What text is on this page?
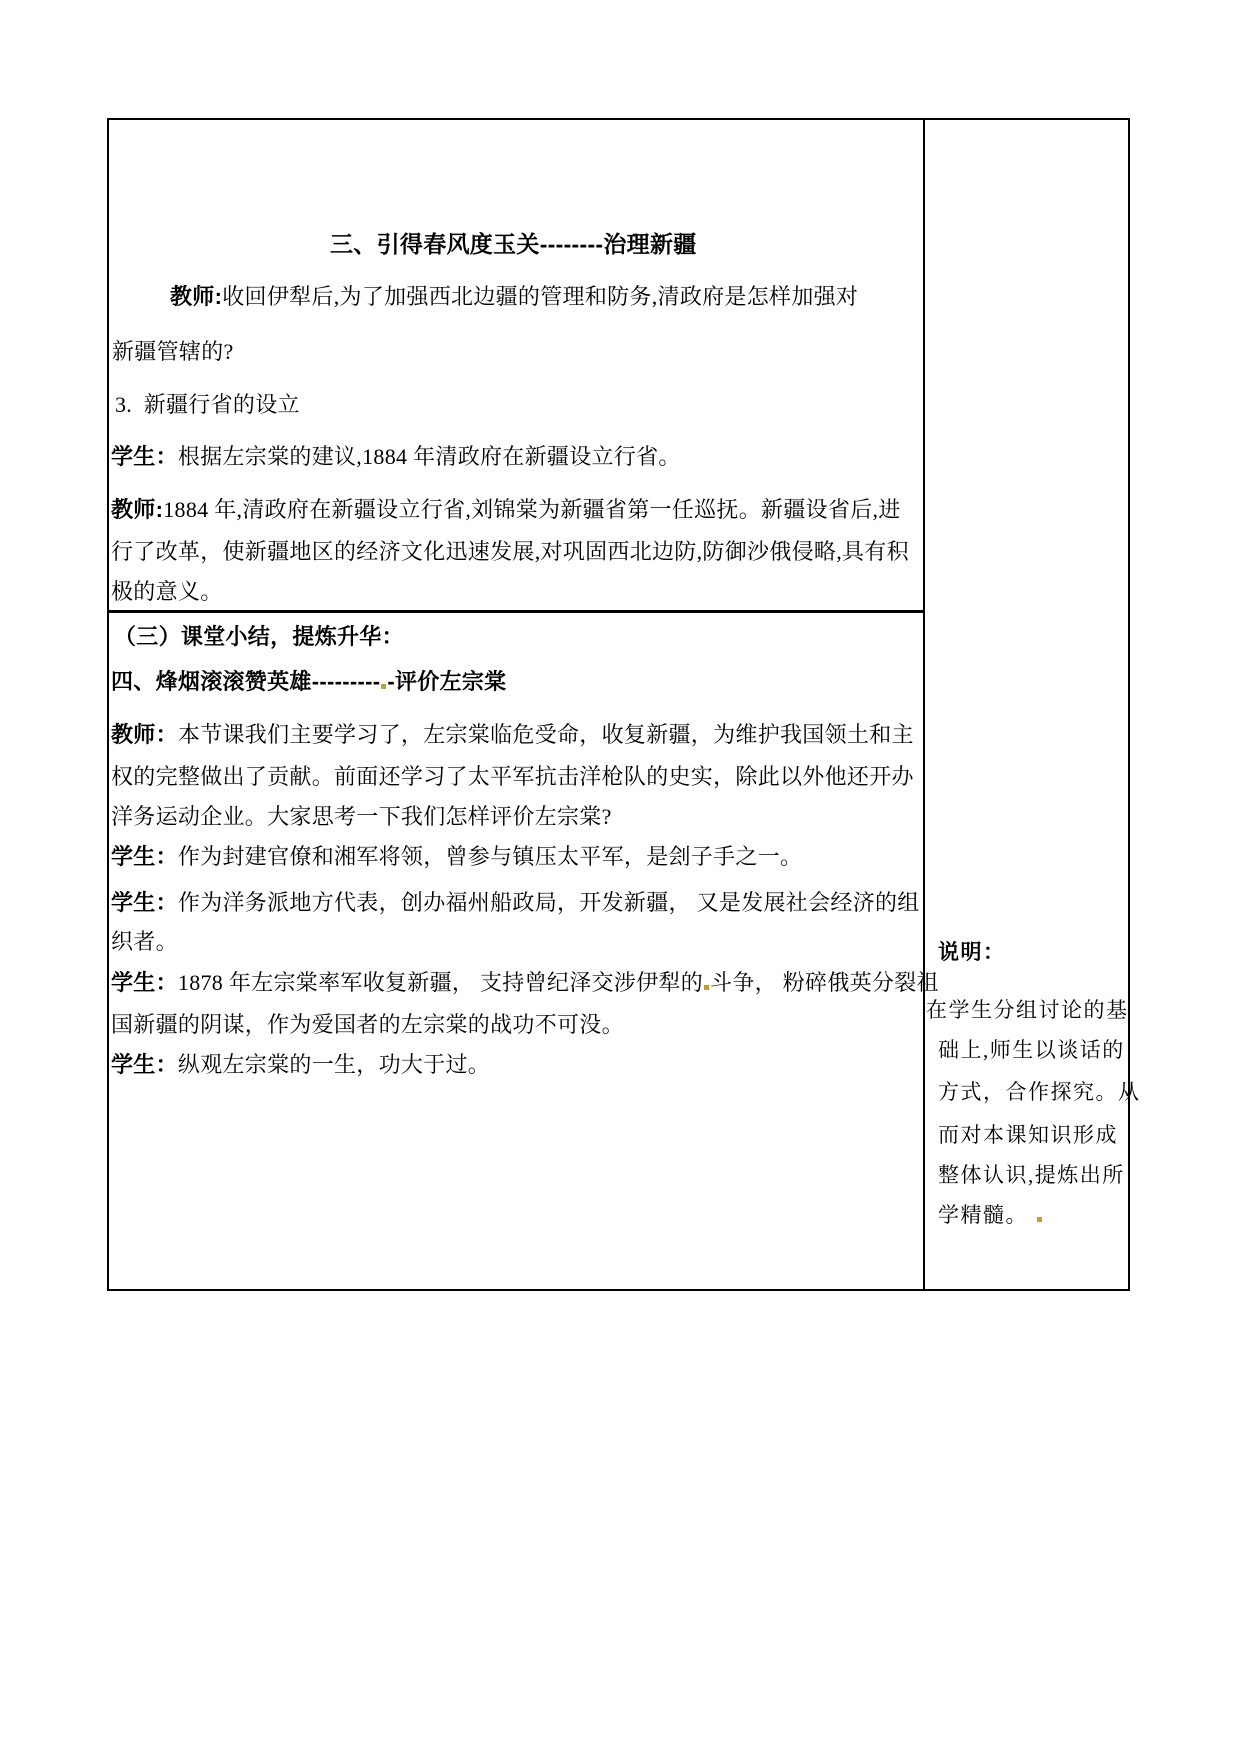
三、引得春风度玉关--------治理新疆
教师:收回伊犁后,为了加强西北边疆的管理和防务,清政府是怎样加强对
新疆管辖的?
3.  新疆行省的设立
学生：根据左宗棠的建议,1884 年清政府在新疆设立行省。
教师:1884 年,清政府在新疆设立行省,刘锦棠为新疆省第一任巡抚。新疆设省后,进
行了改革，使新疆地区的经济文化迅速发展,对巩固西北边防,防御沙俄侵略,具有积
极的意义。
（三）课堂小结，提炼升华：
四、烽烟滚滚赞英雄--------- -评价左宗棠
教师：本节课我们主要学习了，左宗棠临危受命，收复新疆，为维护我国领土和主
权的完整做出了贡献。前面还学习了太平军抗击洋枪队的史实，除此以外他还开办
洋务运动企业。大家思考一下我们怎样评价左宗棠?
学生：作为封建官僚和湘军将领，曾参与镇压太平军，是刽子手之一。
学生：作为洋务派地方代表，创办福州船政局，开发新疆， 又是发展社会经济的组
织者。
学生：1878 年左宗棠率军收复新疆， 支持曾纪泽交涉伊犁的 斗争， 粉碎俄英分裂祖
国新疆的阴谋，作为爱国者的左宗棠的战功不可没。
学生：纵观左宗棠的一生，功大于过。
说明：
在学生分组讨论的基
础上,师生以谈话的
方式，合作探究。从
而对本课知识形成
整体认识,提炼出所
学精髓。
